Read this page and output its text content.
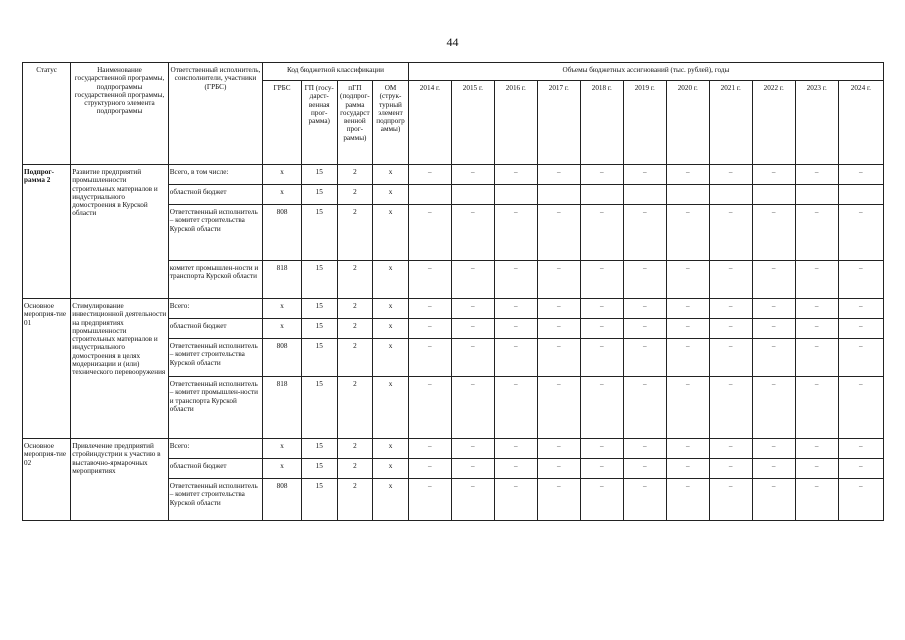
44
Статус	Наименование государственной программы, подпрограммы государственной программы, структурного элемента подпрограммы	Ответственный исполнитель, соисполнители, участники (ГРБС)	Код бюджетной классификации				Объемы бюджетных ассигнований (тыс. рублей), годы										
			ГРБС	ГП (госу-дарст-венная прог-рамма)	пГП (подпрог-рамма государст венной прог-раммы)	ОМ (струк-турный элемент подпрогр аммы)	2014 г.	2015 г.	2016 г.	2017 г.	2018 г.	2019 г.	2020 г.	2021 г.	2022 г.	2023 г.	2024 г.
Подпрог-рамма 2	Развитие предприятий промышленности строительных материалов и индустриального домостроения в Курской области	Всего, в том числе:	х	15	2	х	–	–	–	–	–	–	–	–	–	–	–
		областной бюджет	х	15	2	х											
		Ответственный исполнитель – комитет строительства Курской области	808	15	2	х	–	–	–	–	–	–	–	–	–	–	–
		комитет промышлен-ности и транспорта Курской области	818	15	2	х	–	–	–	–	–	–	–	–	–	–	–
Основное мероприя-тие 01	Стимулирование инвестиционной деятельности на предприятиях промышленности строительных материалов и индустриального домостроения в целях модернизации и (или) технического перевооружения	Всего:	х	15	2	х	–	–	–	–	–	–	–	–	–	–	–
		областной бюджет	х	15	2	х	–	–	–	–	–	–	–	–	–	–	–
		Ответственный исполнитель – комитет строительства Курской области	808	15	2	х	–	–	–	–	–	–	–	–	–	–	–
		Ответственный исполнитель – комитет промышлен-ности и транспорта Курской области	818	15	2	х	–	–	–	–	–	–	–	–	–	–	–
Основное мероприя-тие 02	Привлечение предприятий стройиндустрии к участию в выставочно-ярмарочных мероприятиях	Всего:	х	15	2	х	–	–	–	–	–	–	–	–	–	–	–
		областной бюджет	х	15	2	х	–	–	–	–	–	–	–	–	–	–	–
		Ответственный исполнитель – комитет строительства Курской области	808	15	2	х	–	–	–	–	–	–	–	–	–	–	–
